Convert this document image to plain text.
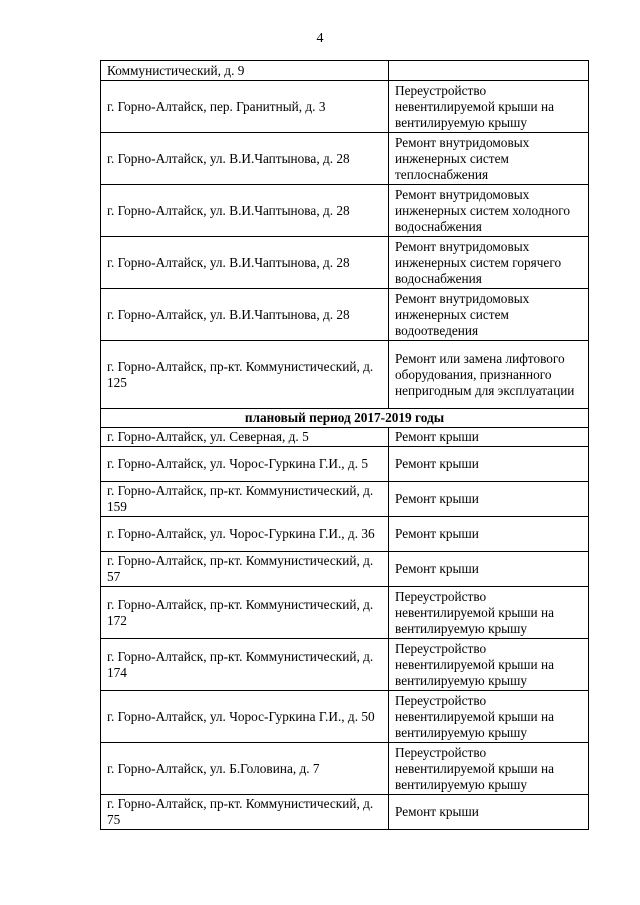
4
Коммунистический, д. 9	
г. Горно-Алтайск, пер. Гранитный, д. 3	Переустройство невентилируемой крыши на вентилируемую крышу
г. Горно-Алтайск, ул. В.И.Чаптынова, д. 28	Ремонт внутридомовых инженерных систем теплоснабжения
г. Горно-Алтайск, ул. В.И.Чаптынова, д. 28	Ремонт внутридомовых инженерных систем холодного водоснабжения
г. Горно-Алтайск, ул. В.И.Чаптынова, д. 28	Ремонт внутридомовых инженерных систем горячего водоснабжения
г. Горно-Алтайск, ул. В.И.Чаптынова, д. 28	Ремонт внутридомовых инженерных систем водоотведения
г. Горно-Алтайск, пр-кт. Коммунистический, д. 125	Ремонт или замена лифтового оборудования, признанного непригодным для эксплуатации
плановый период 2017-2019 годы	
г. Горно-Алтайск, ул. Северная, д. 5	Ремонт крыши
г. Горно-Алтайск, ул. Чорос-Гуркина Г.И., д. 5	Ремонт крыши
г. Горно-Алтайск, пр-кт. Коммунистический, д. 159	Ремонт крыши
г. Горно-Алтайск, ул. Чорос-Гуркина Г.И., д. 36	Ремонт крыши
г. Горно-Алтайск, пр-кт. Коммунистический, д. 57	Ремонт крыши
г. Горно-Алтайск, пр-кт. Коммунистический, д. 172	Переустройство невентилируемой крыши на вентилируемую крышу
г. Горно-Алтайск, пр-кт. Коммунистический, д. 174	Переустройство невентилируемой крыши на вентилируемую крышу
г. Горно-Алтайск, ул. Чорос-Гуркина Г.И., д. 50	Переустройство невентилируемой крыши на вентилируемую крышу
г. Горно-Алтайск, ул. Б.Головина, д. 7	Переустройство невентилируемой крыши на вентилируемую крышу
г. Горно-Алтайск, пр-кт. Коммунистический, д. 75	Ремонт крыши
